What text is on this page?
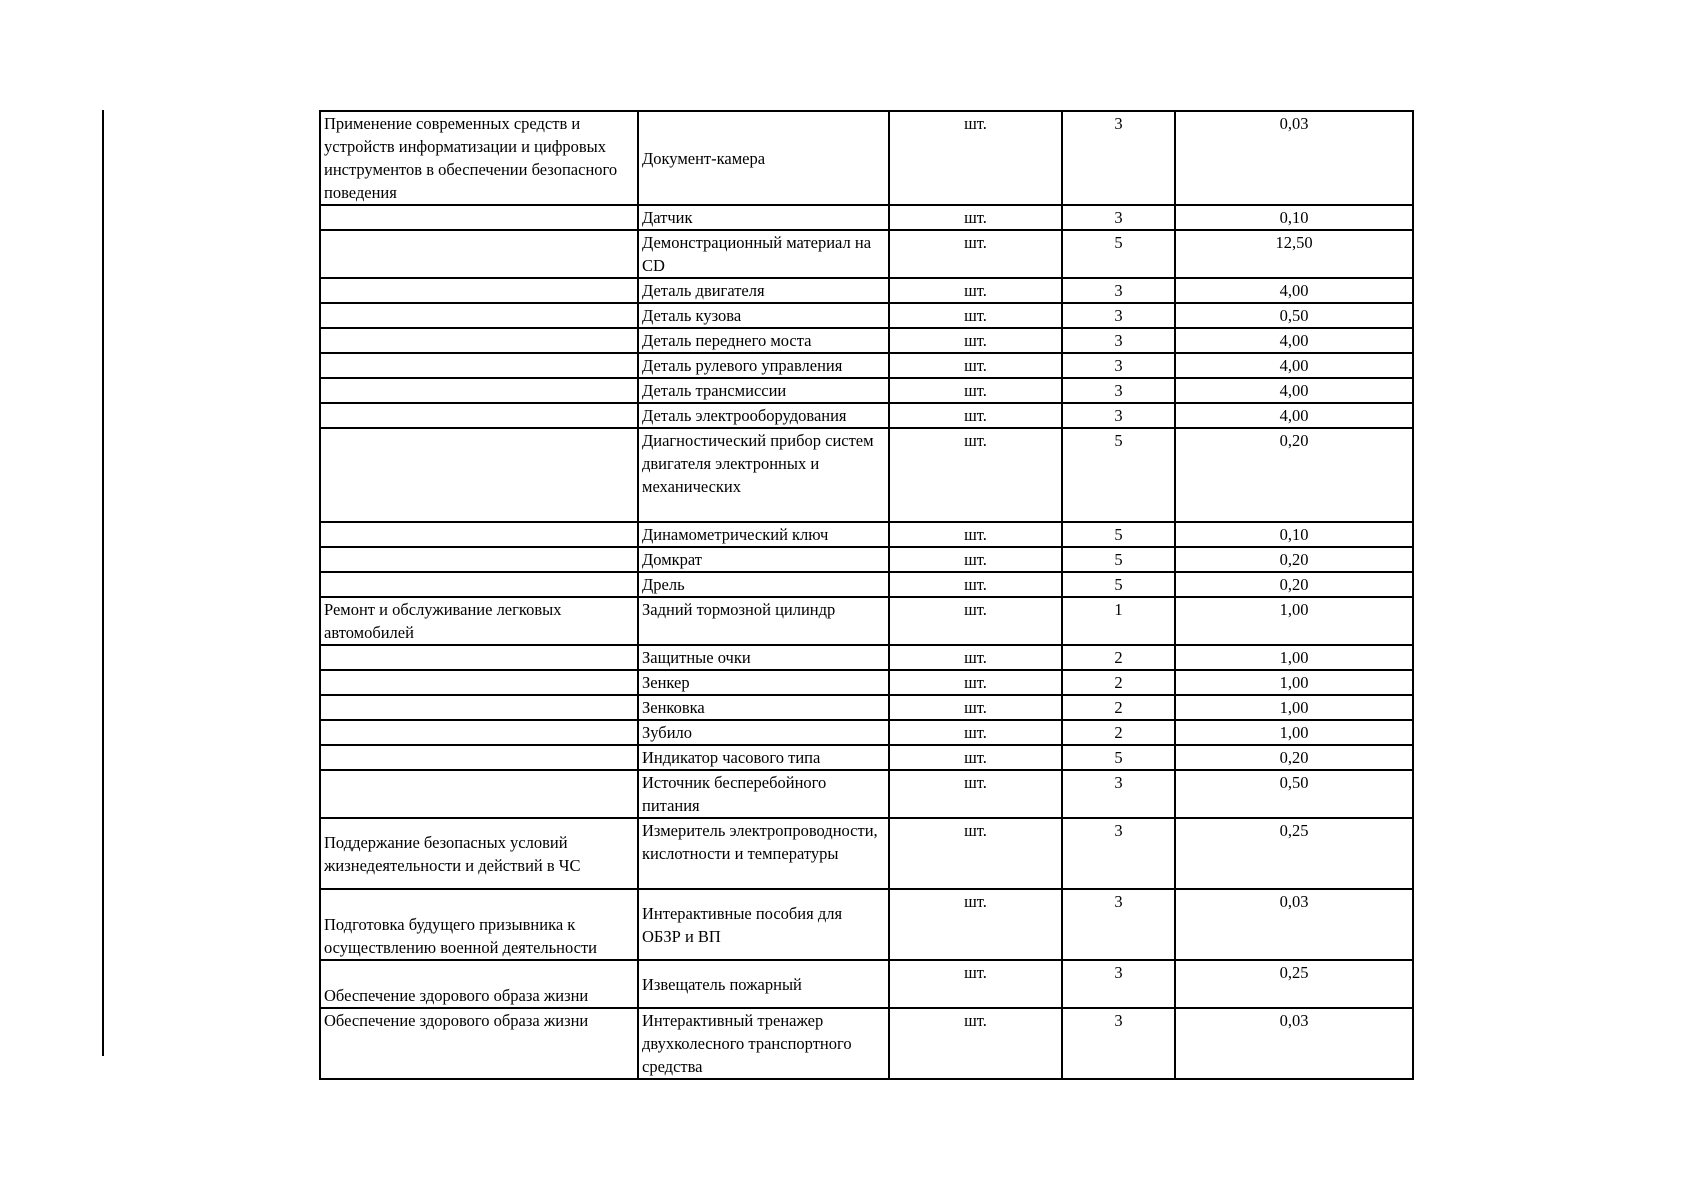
Применение современных средств и устройств информатизации и цифровых инструментов в обеспечении безопасного поведения	Документ-камера	шт.	3	0,03
	Датчик	шт.	3	0,10
	Демонстрационный материал на CD	шт.	5	12,50
	Деталь двигателя	шт.	3	4,00
	Деталь кузова	шт.	3	0,50
	Деталь переднего моста	шт.	3	4,00
	Деталь рулевого управления	шт.	3	4,00
	Деталь трансмиссии	шт.	3	4,00
	Деталь электрооборудования	шт.	3	4,00
	Диагностический прибор систем двигателя электронных и механических	шт.	5	0,20
	Динамометрический ключ	шт.	5	0,10
	Домкрат	шт.	5	0,20
	Дрель	шт.	5	0,20
Ремонт и обслуживание легковых автомобилей	Задний тормозной цилиндр	шт.	1	1,00
	Защитные очки	шт.	2	1,00
	Зенкер	шт.	2	1,00
	Зенковка	шт.	2	1,00
	Зубило	шт.	2	1,00
	Индикатор часового типа	шт.	5	0,20
	Источник бесперебойного питания	шт.	3	0,50
Поддержание безопасных условий жизнедеятельности и действий в ЧС	Измеритель электропроводности, кислотности и температуры	шт.	3	0,25
Подготовка будущего призывника к осуществлению военной деятельности	Интерактивные пособия для ОБЗР и ВП	шт.	3	0,03
Обеспечение здорового образа жизни	Извещатель пожарный	шт.	3	0,25
Обеспечение здорового образа жизни	Интерактивный тренажер двухколесного транспортного средства	шт.	3	0,03
